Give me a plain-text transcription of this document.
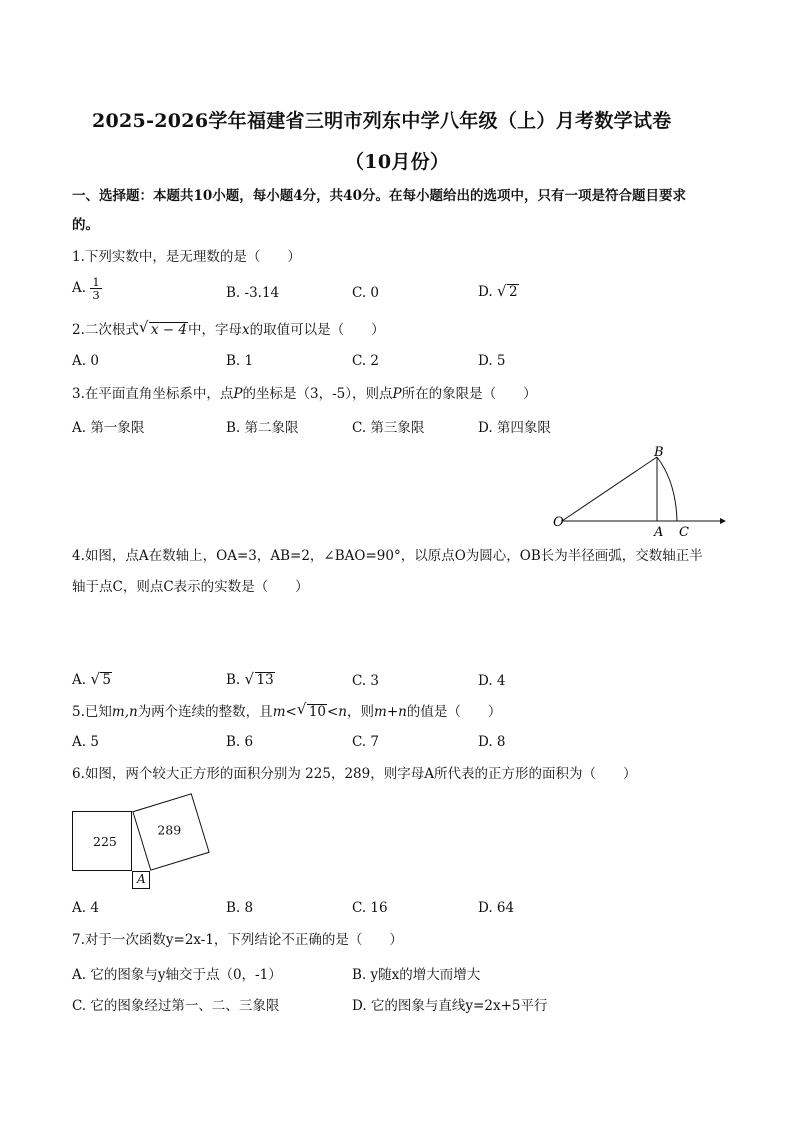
2025-2026学年福建省三明市列东中学八年级（上）月考数学试卷
（10月份）
一、选择题：本题共10小题，每小题4分，共40分。在每小题给出的选项中，只有一项是符合题目要求
的。
1.下列实数中，是无理数的是（　　）
A. $\frac{1}{3}$	B. -3.14	C. 0	D. √ 2
2.二次根式 √ x − 4中，字母x的取值可以是（　　）
A. 0	B. 1	C. 2	D. 5
3.在平面直角坐标系中，点P的坐标是（3，-5），则点P所在的象限是（　　）
A. 第一象限	B. 第二象限	C. 第三象限	D. 第四象限
O
A
B
C
4.如图，点A在数轴上，OA=3，AB=2，∠BAO=90°，以原点O为圆心，OB长为半径画弧，交数轴正半
轴于点C，则点C表示的实数是（　　）
A. √ 5	B. √ 13	C. 3	D. 4
5.已知m,n为两个连续的整数，且m< √ 10<n，则m+n的值是（　　）
A. 5	B. 6	C. 7	D. 8
6.如图，两个较大正方形的面积分别为 225，289，则字母A所代表的正方形的面积为（　　）
225
A
289
A. 4	B. 8	C. 16	D. 64
7.对于一次函数y=2x-1，下列结论不正确的是（　　）
A. 它的图象与y轴交于点（0，-1）	B. y随x的增大而增大
C. 它的图象经过第一、二、三象限	D. 它的图象与直线y=2x+5平行
